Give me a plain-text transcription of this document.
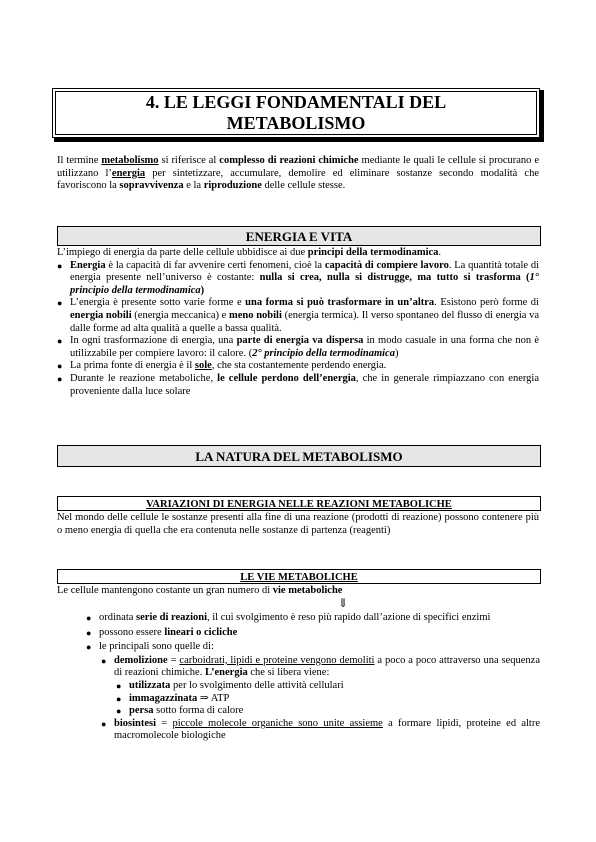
4. LE LEGGI FONDAMENTALI DEL
METABOLISMO

Il termine metabolismo si riferisce al complesso di reazioni chimiche mediante le quali le cellule si procurano e utilizzano l’energia per sintetizzare, accumulare, demolire ed eliminare sostanze secondo modalità che favoriscono la sopravvivenza e la riproduzione delle cellule stesse.

ENERGIA E VITA

L’impiego di energia da parte delle cellule ubbidisce ai due principi della termodinamica.

● Energia è la capacità di far avvenire certi fenomeni, cioè la capacità di compiere lavoro. La quantità totale di energia presente nell’universo è costante: nulla si crea, nulla si distrugge, ma tutto si trasforma (1° principio della termodinamica)
● L’energia è presente sotto varie forme e una forma si può trasformare in un’altra. Esistono però forme di energia nobili (energia meccanica) e meno nobili (energia termica). Il verso spontaneo del flusso di energia va dalle forme ad alta qualità a quelle a bassa qualità.
● In ogni trasformazione di energia, una parte di energia va dispersa in modo casuale in una forma che non è utilizzabile per compiere lavoro: il calore. (2° principio della termodinamica)
● La prima fonte di energia è il sole, che sta costantemente perdendo energia.
● Durante le reazione metaboliche, le cellule perdono dell’energia, che in generale rimpiazzano con energia proveniente dalla luce solare
LA NATURA DEL METABOLISMO
VARIAZIONI DI ENERGIA NELLE REAZIONI METABOLICHE

Nel mondo delle cellule le sostanze presenti alla fine di una reazione (prodotti di reazione) possono contenere più o meno energia di quella che era contenuta nelle sostanze di partenza (reagenti)

LE VIE METABOLICHE

Le cellule mantengono costante un gran numero di vie metaboliche

⇓
● ordinata serie di reazioni, il cui svolgimento è reso più rapido dall’azione di specifici enzimi
● possono essere lineari o cicliche
● le principali sono quelle di:
● demolizione = carboidrati, lipidi e proteine vengono demoliti a poco a poco attraverso una sequenza di reazioni chimiche. L’energia che si libera viene:
● utilizzata per lo svolgimento delle attività cellulari
● immagazzinata ⇒ ATP
● persa sotto forma di calore
● biosintesi = piccole molecole organiche sono unite assieme a formare lipidi, proteine ed altre macromolecole biologiche
